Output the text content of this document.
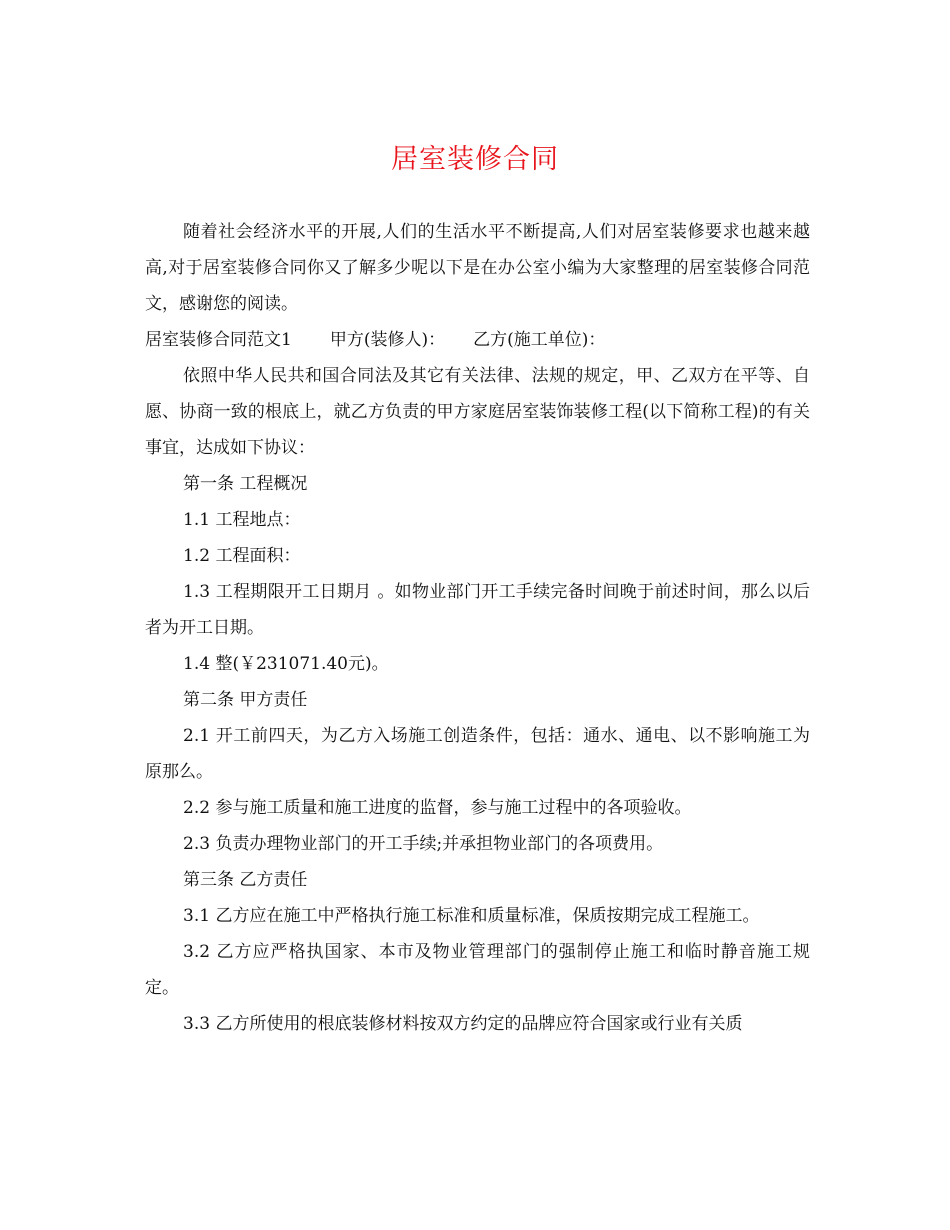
居室装修合同

随着社会经济水平的开展,人们的生活水平不断提高,人们对居室装修要求也越来越高,对于居室装修合同你又了解多少呢以下是在办公室小编为大家整理的居室装修合同范文，感谢您的阅读。

居室装修合同范文1 甲方(装修人)： 乙方(施工单位)：

依照中华人民共和国合同法及其它有关法律、法规的规定，甲、乙双方在平等、自愿、协商一致的根底上，就乙方负责的甲方家庭居室装饰装修工程(以下简称工程)的有关事宜，达成如下协议：

第一条 工程概况

1.1 工程地点：

1.2 工程面积：

1.3 工程期限开工日期月 。如物业部门开工手续完备时间晚于前述时间，那么以后者为开工日期。

1.4 整(￥231071.40元)。

第二条 甲方责任

2.1 开工前四天，为乙方入场施工创造条件，包括：通水、通电、以不影响施工为原那么。

2.2 参与施工质量和施工进度的监督，参与施工过程中的各项验收。

2.3 负责办理物业部门的开工手续;并承担物业部门的各项费用。

第三条 乙方责任

3.1 乙方应在施工中严格执行施工标准和质量标准，保质按期完成工程施工。

3.2 乙方应严格执国家、本市及物业管理部门的强制停止施工和临时静音施工规定。

3.3 乙方所使用的根底装修材料按双方约定的品牌应符合国家或行业有关质
